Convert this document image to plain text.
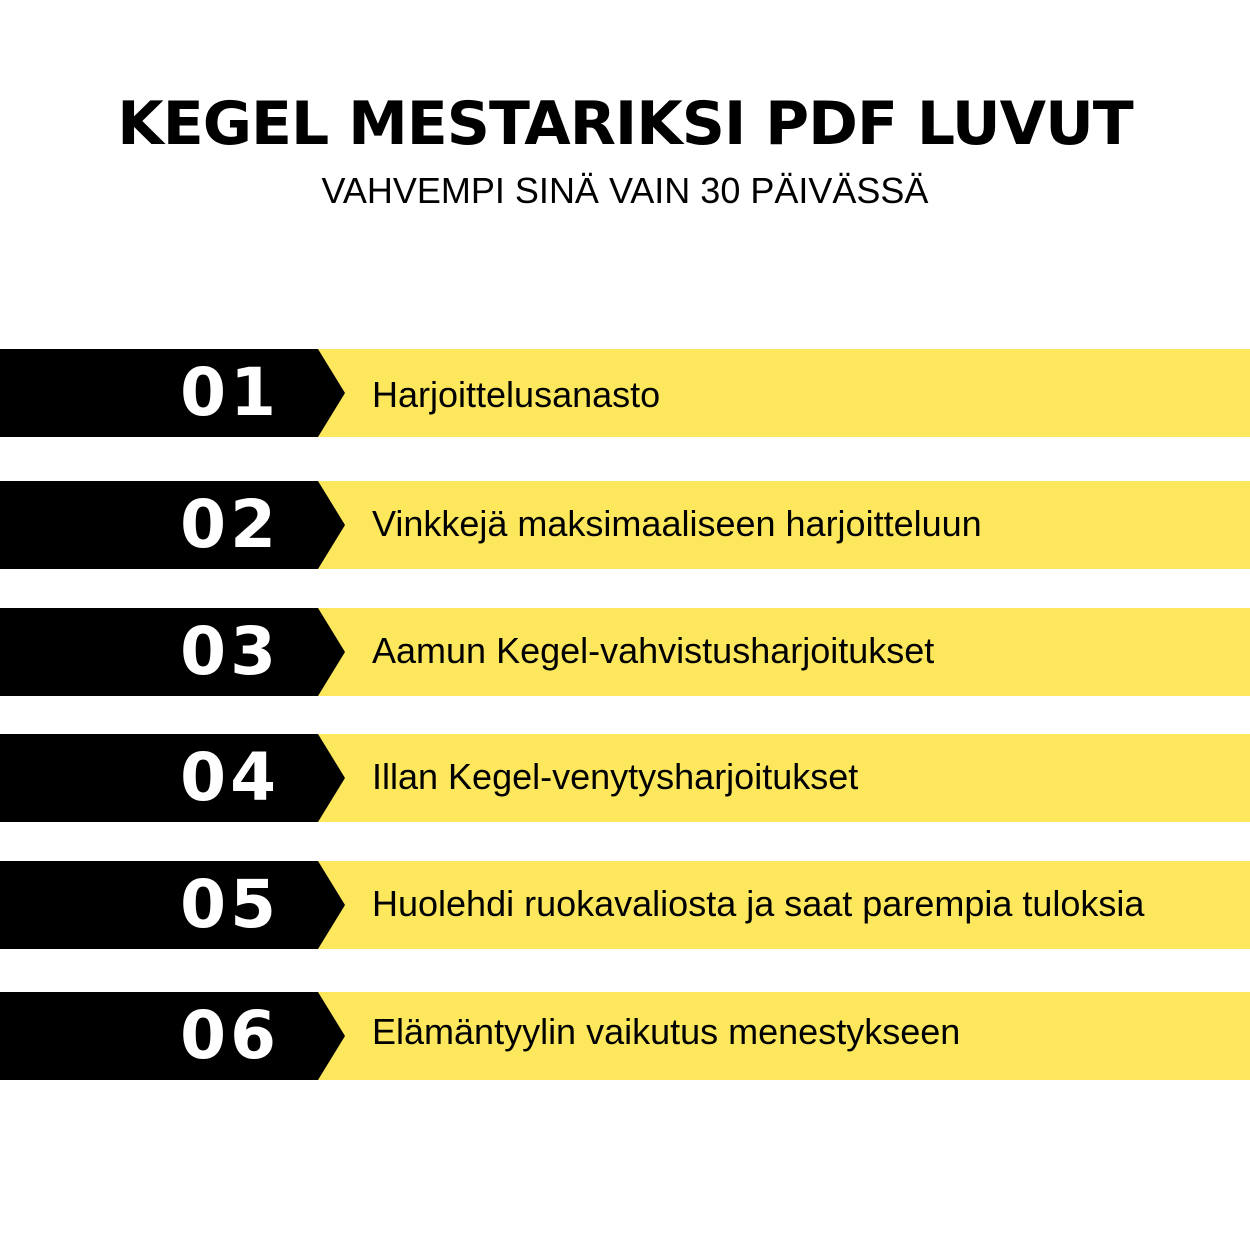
KEGEL MESTARIKSI PDF LUVUT
VAHVEMPI SINÄ VAIN 30 PÄIVÄSSÄ
01	Harjoittelusanasto
02	Vinkkejä maksimaaliseen harjoitteluun
03	Aamun Kegel-vahvistusharjoitukset
04	Illan Kegel-venytysharjoitukset
05	Huolehdi ruokavaliosta ja saat parempia tuloksia
06	Elämäntyylin vaikutus menestykseen
